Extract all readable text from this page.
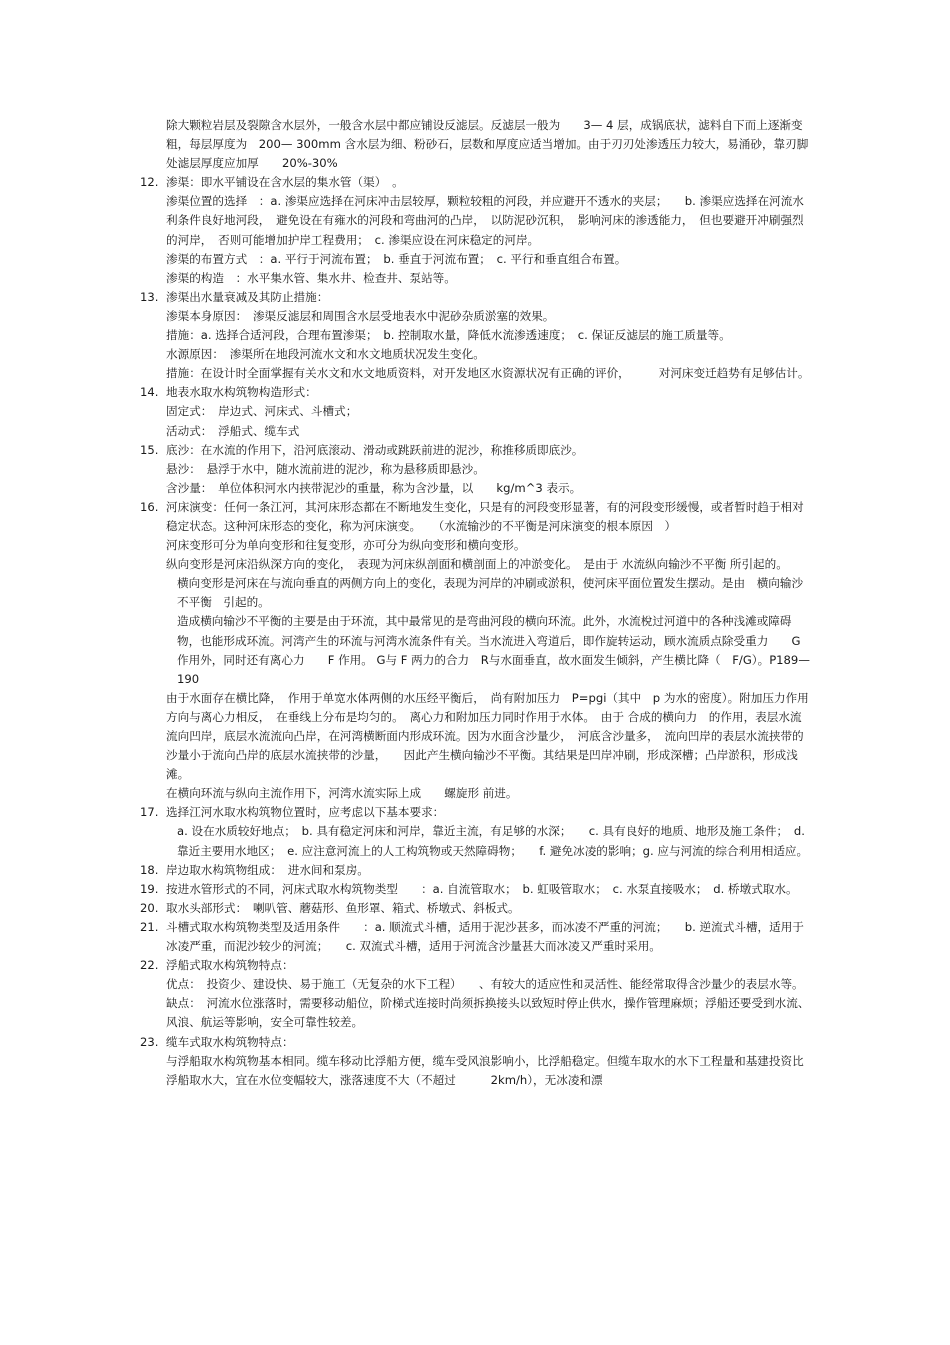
除大颗粒岩层及裂隙含水层外，一般含水层中都应铺设反滤层。反滤层一般为　　3— 4 层，成锅底状，滤料自下而上逐渐变粗，每层厚度为　200— 300mm 含水层为细、粉砂石，层数和厚度应适当增加。由于刃刃处渗透压力较大，易涌砂，靠刃脚处滤层厚度应加厚　　20%-30%
12. 渗渠：即水平铺设在含水层的集水管（渠）　。
渗渠位置的选择　：a. 渗渠应选择在河床冲击层较厚，颗粒较粗的河段，并应避开不透水的夹层；　　b. 渗渠应选择在河流水利条件良好地河段，　避免设在有雍水的河段和弯曲河的凸岸，　以防泥砂沉积，　影响河床的渗透能力，　但也要避开冲刷强烈的河岸，　否则可能增加护岸工程费用；　c. 渗渠应设在河床稳定的河岸。
渗渠的布置方式　：a. 平行于河流布置；　b. 垂直于河流布置；　c. 平行和垂直组合布置。
渗渠的构造　：水平集水管、集水井、检查井、泵站等。
13. 渗渠出水量衰减及其防止措施：
渗渠本身原因：　渗渠反滤层和周围含水层受地表水中泥砂杂质淤塞的效果。
措施：a. 选择合适河段，合理布置渗渠；　b. 控制取水量，降低水流渗透速度；　c. 保证反滤层的施工质量等。
水源原因：　渗渠所在地段河流水文和水文地质状况发生变化。
措施：在设计时全面掌握有关水文和水文地质资料，对开发地区水资源状况有正确的评价，　　　对河床变迁趋势有足够估计。
14. 地表水取水构筑物构造形式：
固定式：　岸边式、河床式、斗槽式；
活动式：　浮船式、缆车式
15. 底沙：在水流的作用下，沿河底滚动、滑动或跳跃前进的泥沙，称推移质即底沙。
悬沙：　悬浮于水中，随水流前进的泥沙，称为悬移质即悬沙。
含沙量：　单位体积河水内挟带泥沙的重量，称为含沙量，以　　kg/m^3 表示。
16. 河床演变：任何一条江河，其河床形态都在不断地发生变化，只是有的河段变形显著，有的河段变形缓慢，或者暂时趋于相对稳定状态。这种河床形态的变化，称为河床演变。　　（水流输沙的不平衡是河床演变的根本原因　）
河床变形可分为单向变形和往复变形，亦可分为纵向变形和横向变形。
纵向变形是河床沿纵深方向的变化，　表现为河床纵剖面和横剖面上的冲淤变化。　是由于 水流纵向输沙不平衡 所引起的。
横向变形是河床在与流向垂直的两侧方向上的变化，表现为河岸的冲刷或淤积，使河床平面位置发生摆动。是由　横向输沙不平衡　引起的。
造成横向输沙不平衡的主要是由于环流，其中最常见的是弯曲河段的横向环流。此外，水流梲过河道中的各种浅滩或障碍物，也能形成环流。河湾产生的环流与河湾水流条件有关。当水流进入弯道后，即作旋转运动，顾水流质点除受重力　　G作用外，同时还有离心力　　F 作用。 G与 F 两力的合力　R与水面垂直，故水面发生倾斜，产生横比降（　F/G）。P189— 190
由于水面存在横比降，　作用于单宽水体两侧的水压经平衡后，　尚有附加压力　P=pgi（其中　p 为水的密度）。附加压力作用方向与离心力相反，　在垂线上分布是均匀的。　离心力和附加压力同时作用于水体。　由于 合成的横向力　的作用，表层水流流向凹岸，底层水流流向凸岸，在河湾横断面内形成环流。因为水面含沙量少，　河底含沙量多，　流向凹岸的表层水流挟带的沙量小于流向凸岸的底层水流挟带的沙量，　　因此产生横向输沙不平衡。其结果是凹岸冲刷，形成深槽；凸岸淤积，形成浅滩。
在横向环流与纵向主流作用下，河湾水流实际上成　　螺旋形 前进。
17. 选择江河水取水构筑物位置时，应考虑以下基本要求：
a. 设在水质较好地点；　b. 具有稳定河床和河岸，靠近主流，有足够的水深；　　c. 具有良好的地质、地形及施工条件；　d. 靠近主要用水地区；　e. 应注意河流上的人工构筑物或天然障碍物；　　f. 避免冰凌的影响；g. 应与河流的综合利用相适应。
18. 岸边取水构筑物组成：　进水间和泵房。
19. 按进水管形式的不同，河床式取水构筑物类型　　：a. 自流管取水；　b. 虹吸管取水；　c. 水泵直接吸水；　d. 桥墩式取水。
20. 取水头部形式：　喇叭管、蘑菇形、鱼形罩、箱式、桥墩式、斜板式。
21. 斗槽式取水构筑物类型及适用条件　　：a. 顺流式斗槽，适用于泥沙甚多，而冰凌不严重的河流；　　b. 逆流式斗槽，适用于冰凌严重，而泥沙较少的河流；　　c. 双流式斗槽，适用于河流含沙量甚大而冰凌又严重时采用。
22. 浮船式取水构筑物特点：
优点：　投资少、建设快、易于施工（无复杂的水下工程）　　、有较大的适应性和灵活性、能经常取得含沙量少的表层水等。　缺点：　河流水位涨落时，需要移动船位，阶梯式连接时尚须拆换接头以致短时停止供水，操作管理麻烦；浮船还要受到水流、风浪、航运等影响，安全可靠性较差。
23. 缆车式取水构筑物特点：
与浮船取水构筑物基本相同。缆车移动比浮船方便，缆车受风浪影响小，比浮船稳定。但缆车取水的水下工程量和基建投资比浮船取水大，宜在水位变幅较大，涨落速度不大（不超过　　　2km/h），无冰凌和漂
